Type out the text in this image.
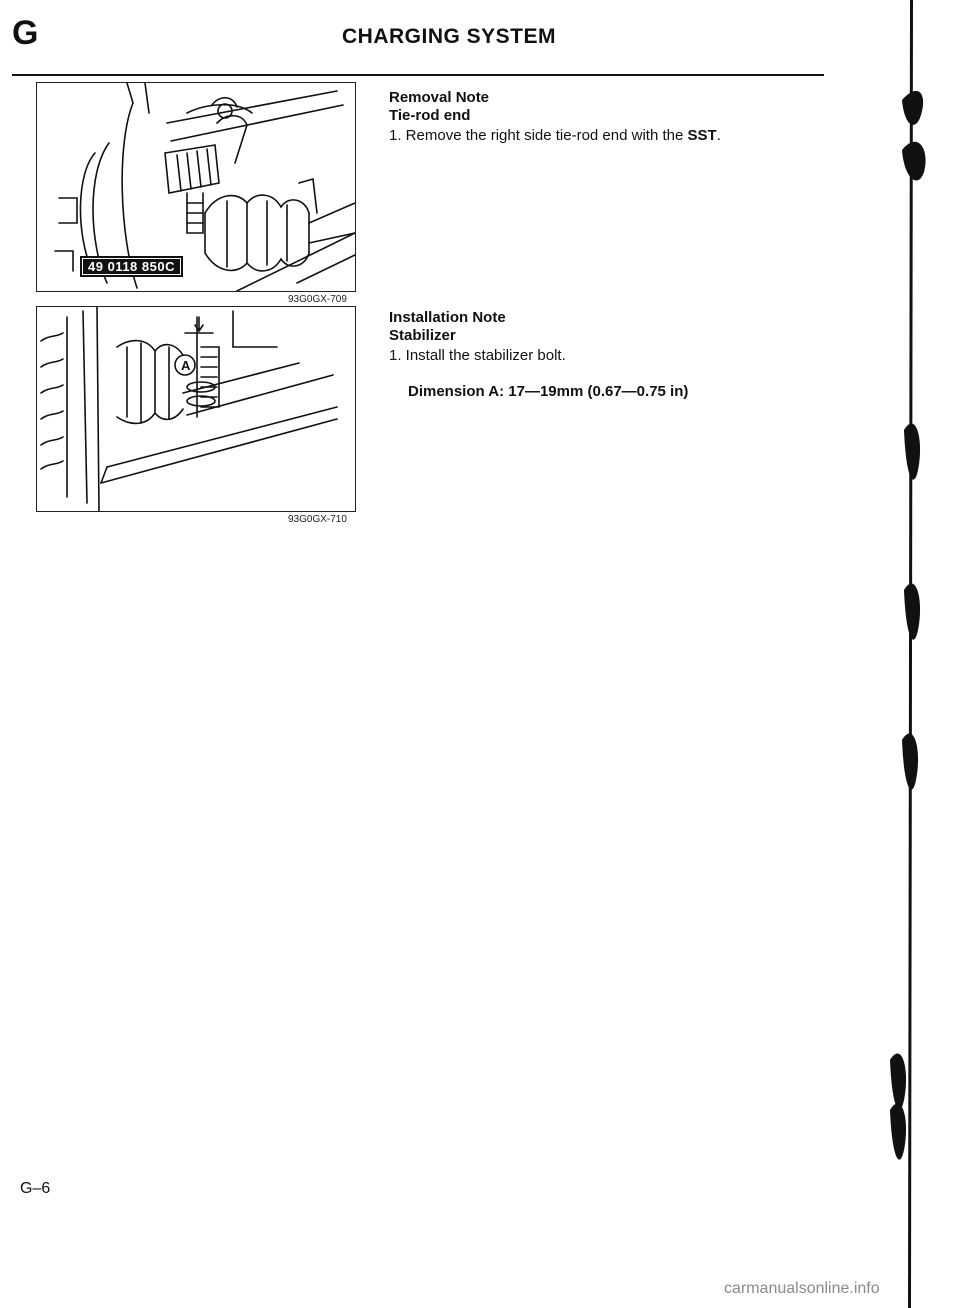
G	CHARGING SYSTEM
49 0118 850C
93G0GX-709
A
93G0GX-710
Removal Note
Tie-rod end
1. Remove the right side tie-rod end with the SST.
Installation Note
Stabilizer
1. Install the stabilizer bolt.
Dimension A: 17—19mm (0.67—0.75 in)
G–6
carmanualsonline.info
